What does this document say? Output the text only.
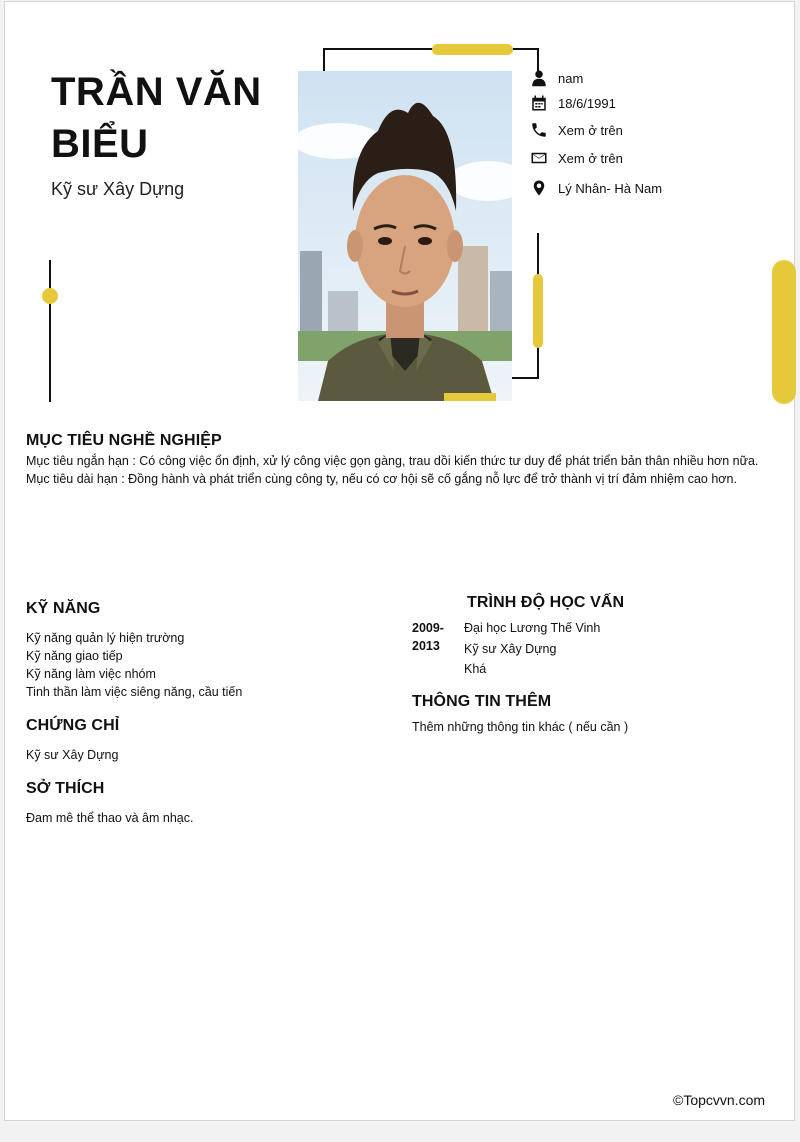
TRẦN VĂN BIỂU
Kỹ sư Xây Dựng
nam
18/6/1991
Xem ở trên
Xem ở trên
Lý Nhân- Hà Nam
MỤC TIÊU NGHỀ NGHIỆP
Mục tiêu ngắn hạn : Có công việc ổn định, xử lý công việc gọn gàng, trau dồi kiến thức tư duy để phát triển bản thân nhiều hơn nữa.
Mục tiêu dài hạn : Đồng hành và phát triển cùng công ty, nếu có cơ hội sẽ cố gắng nỗ lực để trở thành vị trí đảm nhiệm cao hơn.
KỸ NĂNG
Kỹ năng quản lý hiện trường
Kỹ năng giao tiếp
Kỹ năng làm việc nhóm
Tinh thần làm việc siêng năng, cầu tiến
CHỨNG CHỈ
Kỹ sư Xây Dựng
SỞ THÍCH
Đam mê thể thao và âm nhạc.
TRÌNH ĐỘ HỌC VẤN
2009-
2013
Đại học Lương Thế Vinh
Kỹ sư Xây Dựng
Khá
THÔNG TIN THÊM
Thêm những thông tin khác ( nếu cần )
©Topcvvn.com
